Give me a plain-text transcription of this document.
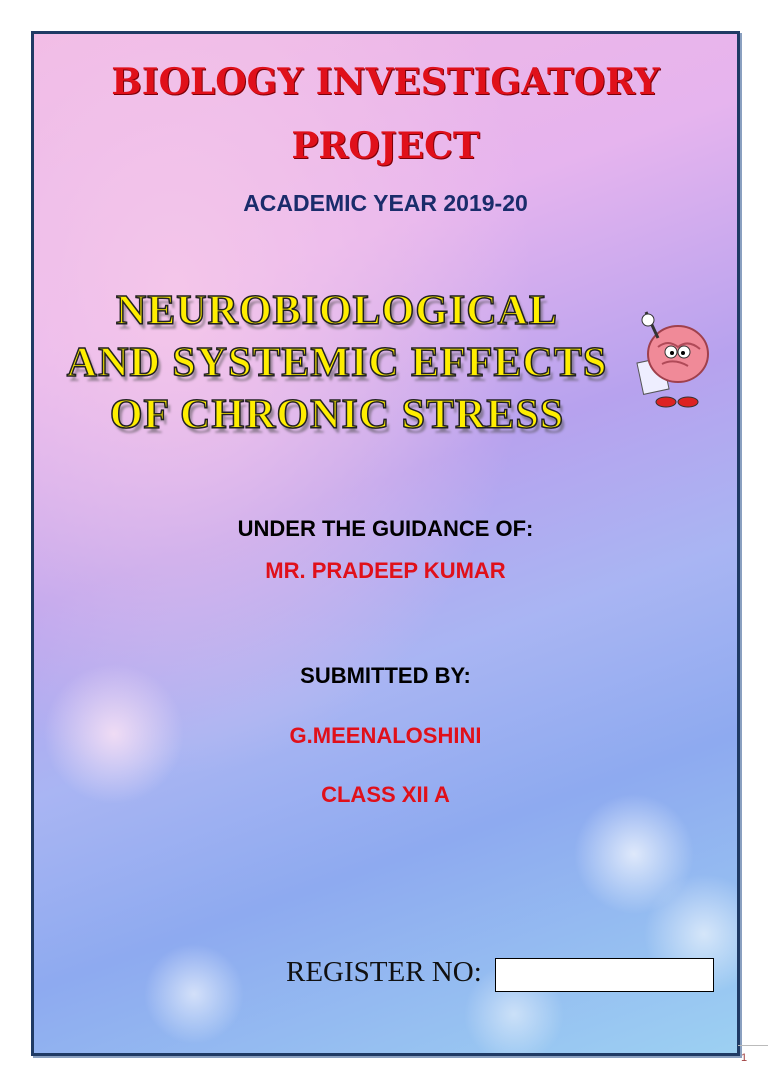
BIOLOGY INVESTIGATORY
PROJECT
ACADEMIC YEAR 2019-20
NEUROBIOLOGICAL
AND SYSTEMIC EFFECTS
OF CHRONIC STRESS
UNDER THE GUIDANCE OF:
MR. PRADEEP KUMAR
SUBMITTED BY:
G.MEENALOSHINI
CLASS XII A
REGISTER NO:
1
